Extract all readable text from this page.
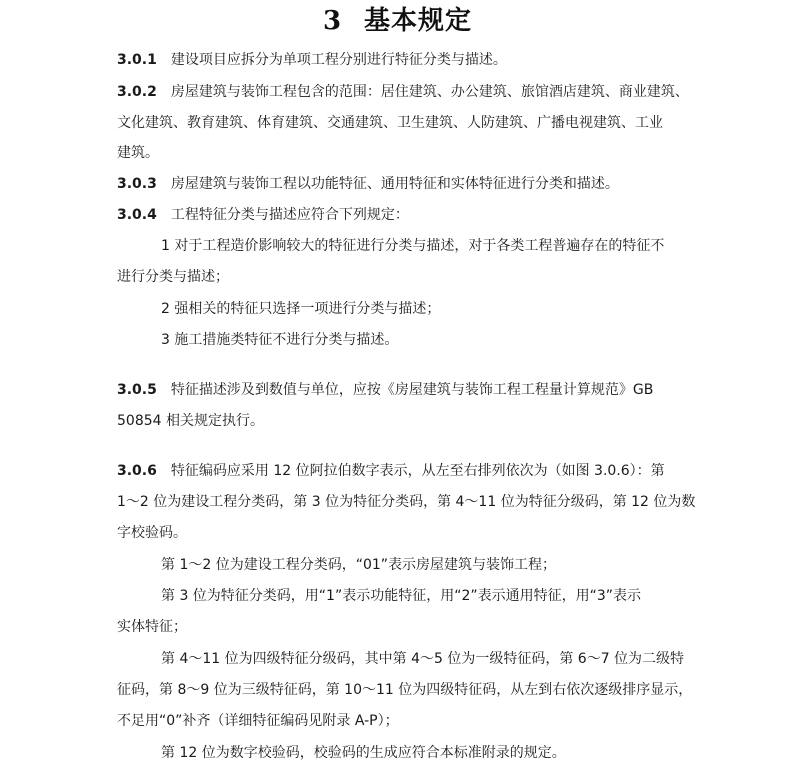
3 基本规定
3.0.1 建设项目应拆分为单项工程分别进行特征分类与描述。
3.0.2 房屋建筑与装饰工程包含的范围：居住建筑、办公建筑、旅馆酒店建筑、商业建筑、
文化建筑、教育建筑、体育建筑、交通建筑、卫生建筑、人防建筑、广播电视建筑、工业
建筑。
3.0.3 房屋建筑与装饰工程以功能特征、通用特征和实体特征进行分类和描述。
3.0.4 工程特征分类与描述应符合下列规定：
1 对于工程造价影响较大的特征进行分类与描述，对于各类工程普遍存在的特征不
进行分类与描述；
2 强相关的特征只选择一项进行分类与描述；
3 施工措施类特征不进行分类与描述。
3.0.5 特征描述涉及到数值与单位，应按《房屋建筑与装饰工程工程量计算规范》GB
50854 相关规定执行。
3.0.6 特征编码应采用 12 位阿拉伯数字表示，从左至右排列依次为（如图 3.0.6）：第
1～2 位为建设工程分类码，第 3 位为特征分类码，第 4～11 位为特征分级码，第 12 位为数
字校验码。
第 1～2 位为建设工程分类码，“01”表示房屋建筑与装饰工程；
第 3 位为特征分类码，用“1”表示功能特征，用“2”表示通用特征，用“3”表示
实体特征；
第 4～11 位为四级特征分级码，其中第 4～5 位为一级特征码，第 6～7 位为二级特
征码，第 8～9 位为三级特征码，第 10～11 位为四级特征码，从左到右依次逐级排序显示，
不足用“0”补齐（详细特征编码见附录 A-P）；
第 12 位为数字校验码，校验码的生成应符合本标准附录的规定。
